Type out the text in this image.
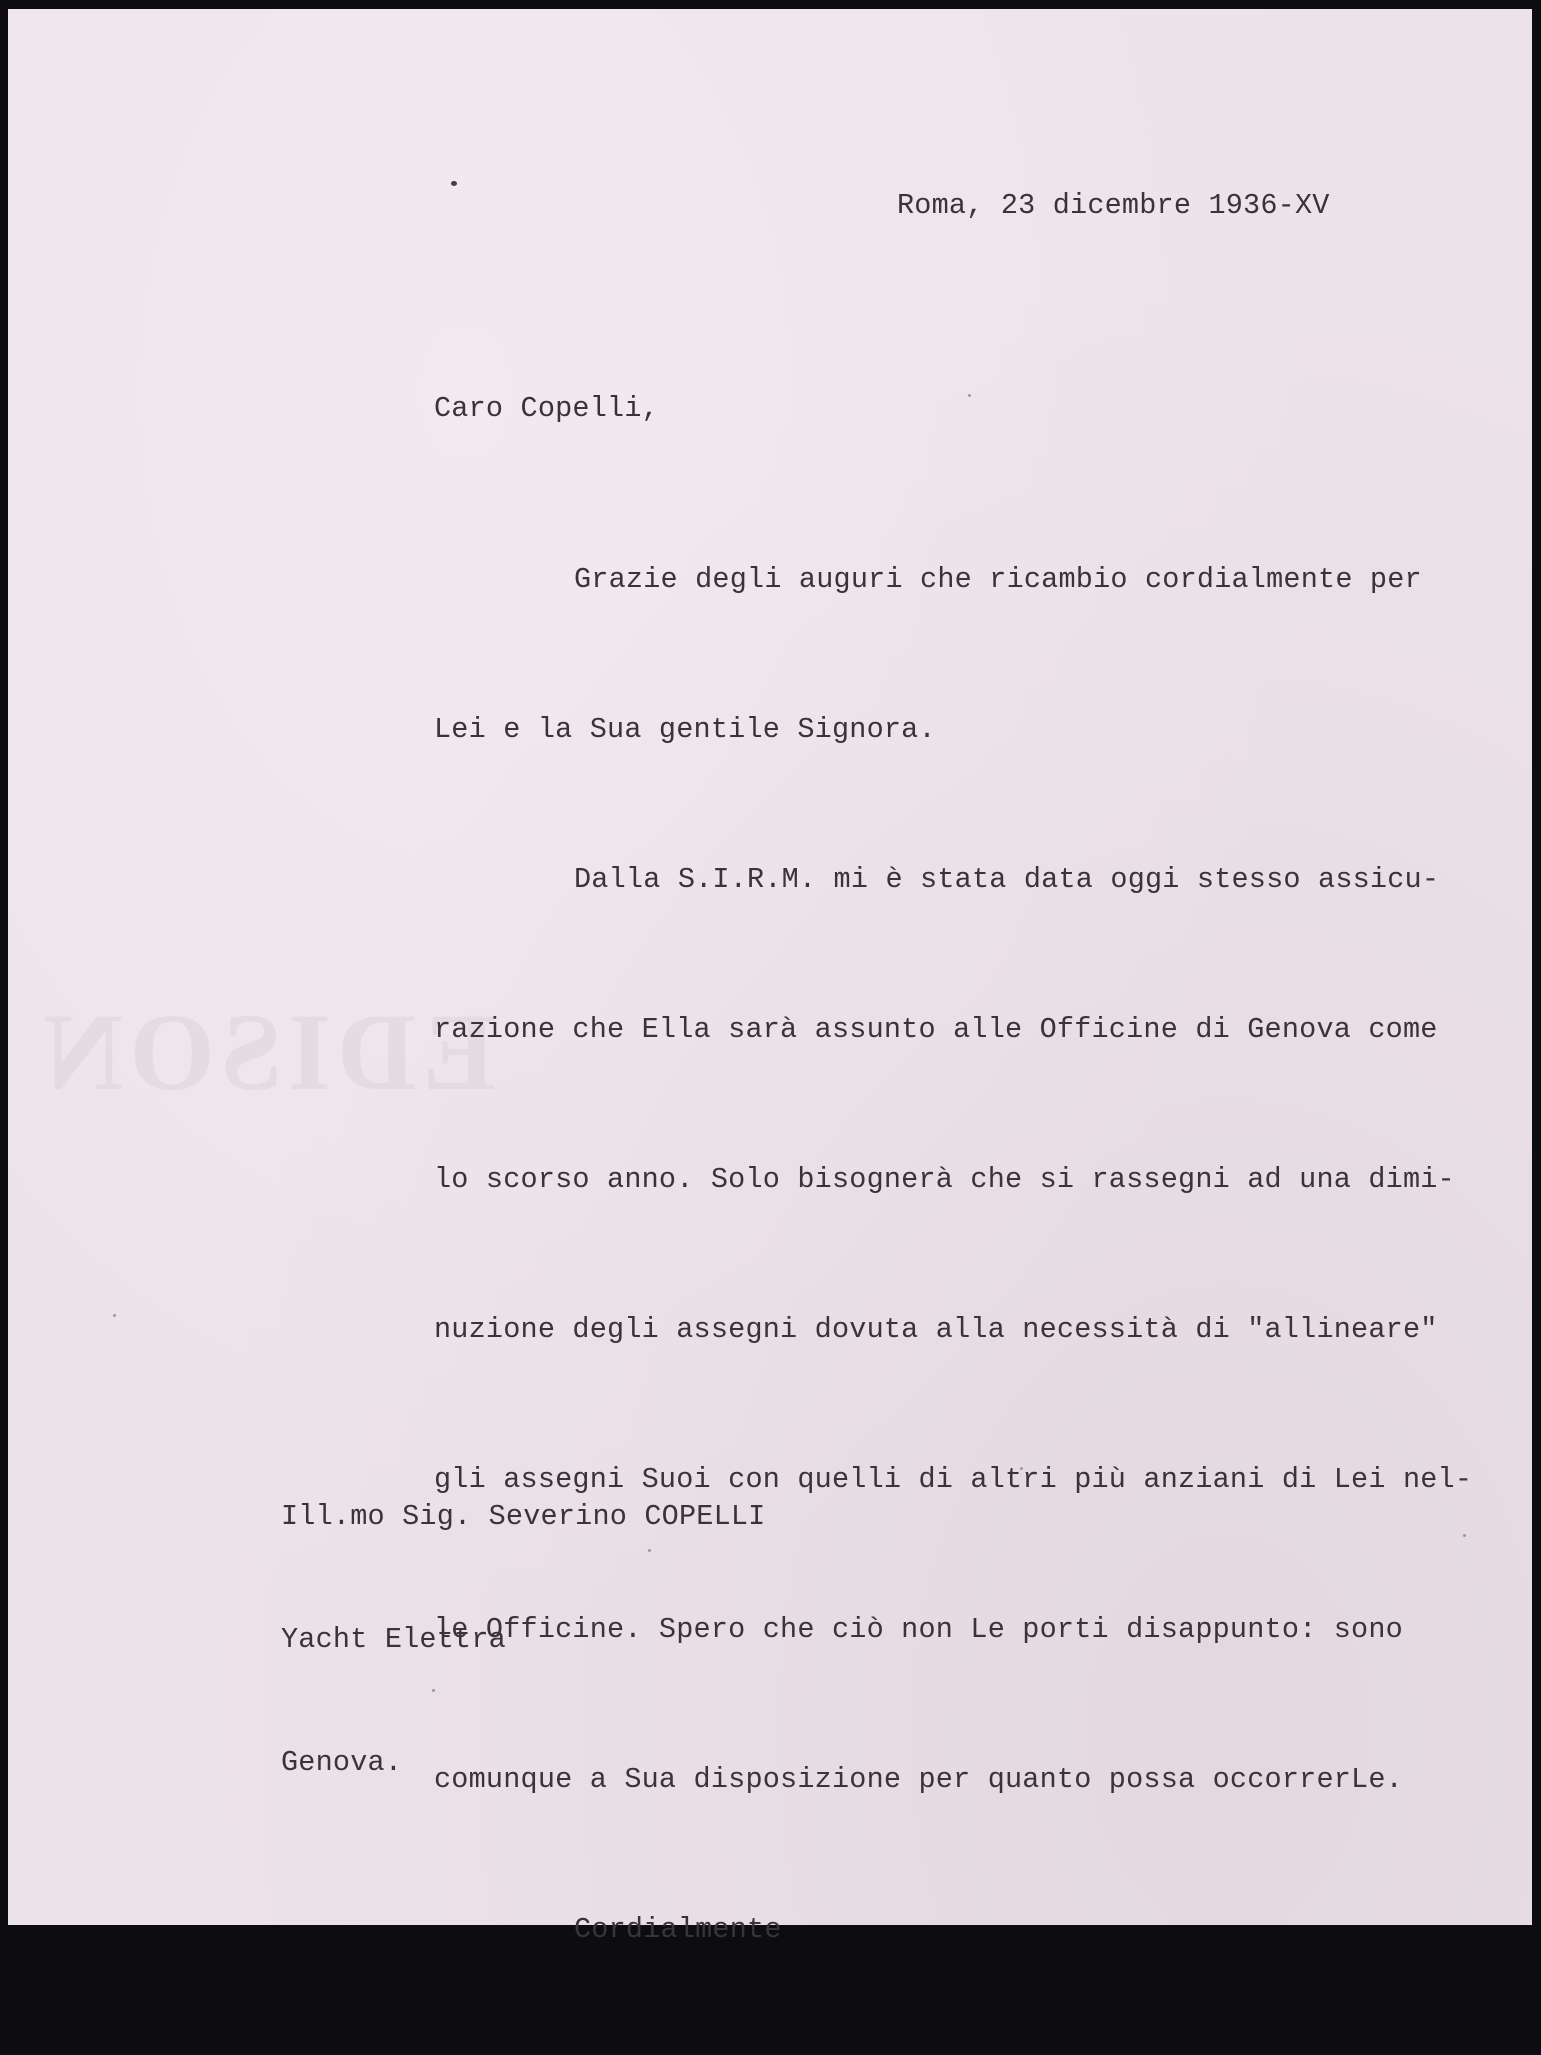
EDISON
Roma, 23 dicembre 1936-XV
Caro Copelli,

Grazie degli auguri che ricambio cordialmente per

Lei e la Sua gentile Signora.

Dalla S.I.R.M. mi è stata data oggi stesso assicu-

razione che Ella sarà assunto alle Officine di Genova come

lo scorso anno. Solo bisognerà che si rassegni ad una dimi-

nuzione degli assegni dovuta alla necessità di "allineare"

gli assegni Suoi con quelli di altri più anziani di Lei nel-

le Officine. Spero che ciò non Le porti disappunto: sono

comunque a Sua disposizione per quanto possa occorrerLe.

Cordialmente

Ill.mo Sig. Severino COPELLI

Yacht Elettra

Genova.
